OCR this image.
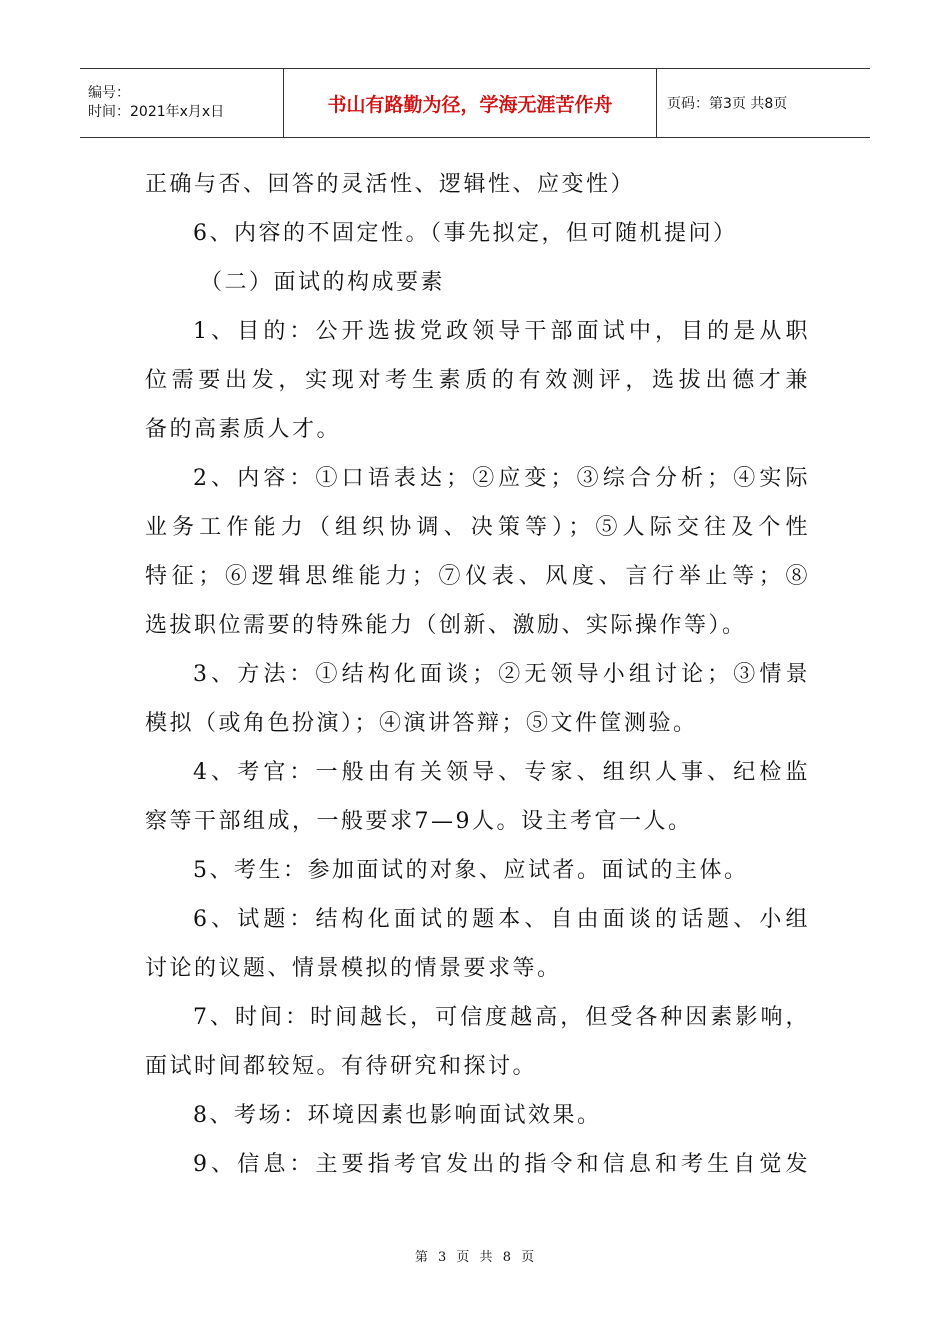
编号：
时间：2021年x月x日	书山有路勤为径，学海无涯苦作舟	页码：第3页 共8页

正确与否、回答的灵活性、逻辑性、应变性）

6、内容的不固定性。（事先拟定，但可随机提问）

（二）面试的构成要素

1、目的：公开选拔党政领导干部面试中，目的是从职

位需要出发，实现对考生素质的有效测评，选拔出德才兼

备的高素质人才。

2、内容：①口语表达；②应变；③综合分析；④实际

业务工作能力（组织协调、决策等）；⑤人际交往及个性

特征；⑥逻辑思维能力；⑦仪表、风度、言行举止等；⑧

选拔职位需要的特殊能力（创新、激励、实际操作等）。

3、方法：①结构化面谈；②无领导小组讨论；③情景

模拟（或角色扮演）；④演讲答辩；⑤文件筐测验。

4、考官：一般由有关领导、专家、组织人事、纪检监

察等干部组成，一般要求7—9人。设主考官一人。

5、考生：参加面试的对象、应试者。面试的主体。

6、试题：结构化面试的题本、自由面谈的话题、小组

讨论的议题、情景模拟的情景要求等。

7、时间：时间越长，可信度越高，但受各种因素影响，

面试时间都较短。有待研究和探讨。

8、考场：环境因素也影响面试效果。

9、信息：主要指考官发出的指令和信息和考生自觉发

第 3 页 共 8 页
